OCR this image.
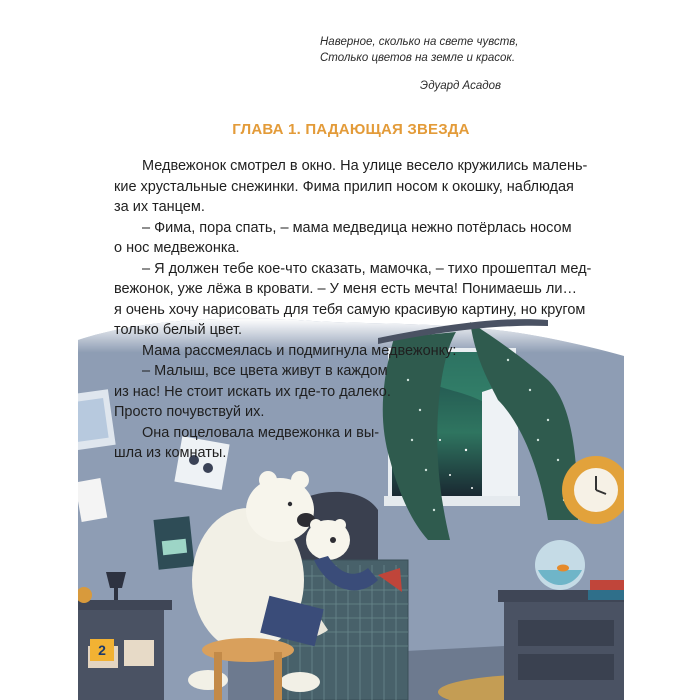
Наверное, сколько на свете чувств,
Столько цветов на земле и красок.
Эдуард Асадов
ГЛАВА 1. ПАДАЮЩАЯ ЗВЕЗДА
Медвежонок смотрел в окно. На улице весело кружились малень-
кие хрустальные снежинки. Фима прилип носом к окошку, наблюдая
за их танцем.
– Фима, пора спать, – мама медведица нежно потёрлась носом
о нос медвежонка.
– Я должен тебе кое-что сказать, мамочка, – тихо прошептал мед-
вежонок, уже лёжа в кровати. – У меня есть мечта! Понимаешь ли…
я очень хочу нарисовать для тебя самую красивую картину, но кругом
только белый цвет.
Мама рассмеялась и подмигнула медвежонку:
– Малыш, все цвета живут в каждом
из нас! Не стоит искать их где-то далеко.
Просто почувствуй их.
Она поцеловала медвежонка и вы-
шла из комнаты.
2
